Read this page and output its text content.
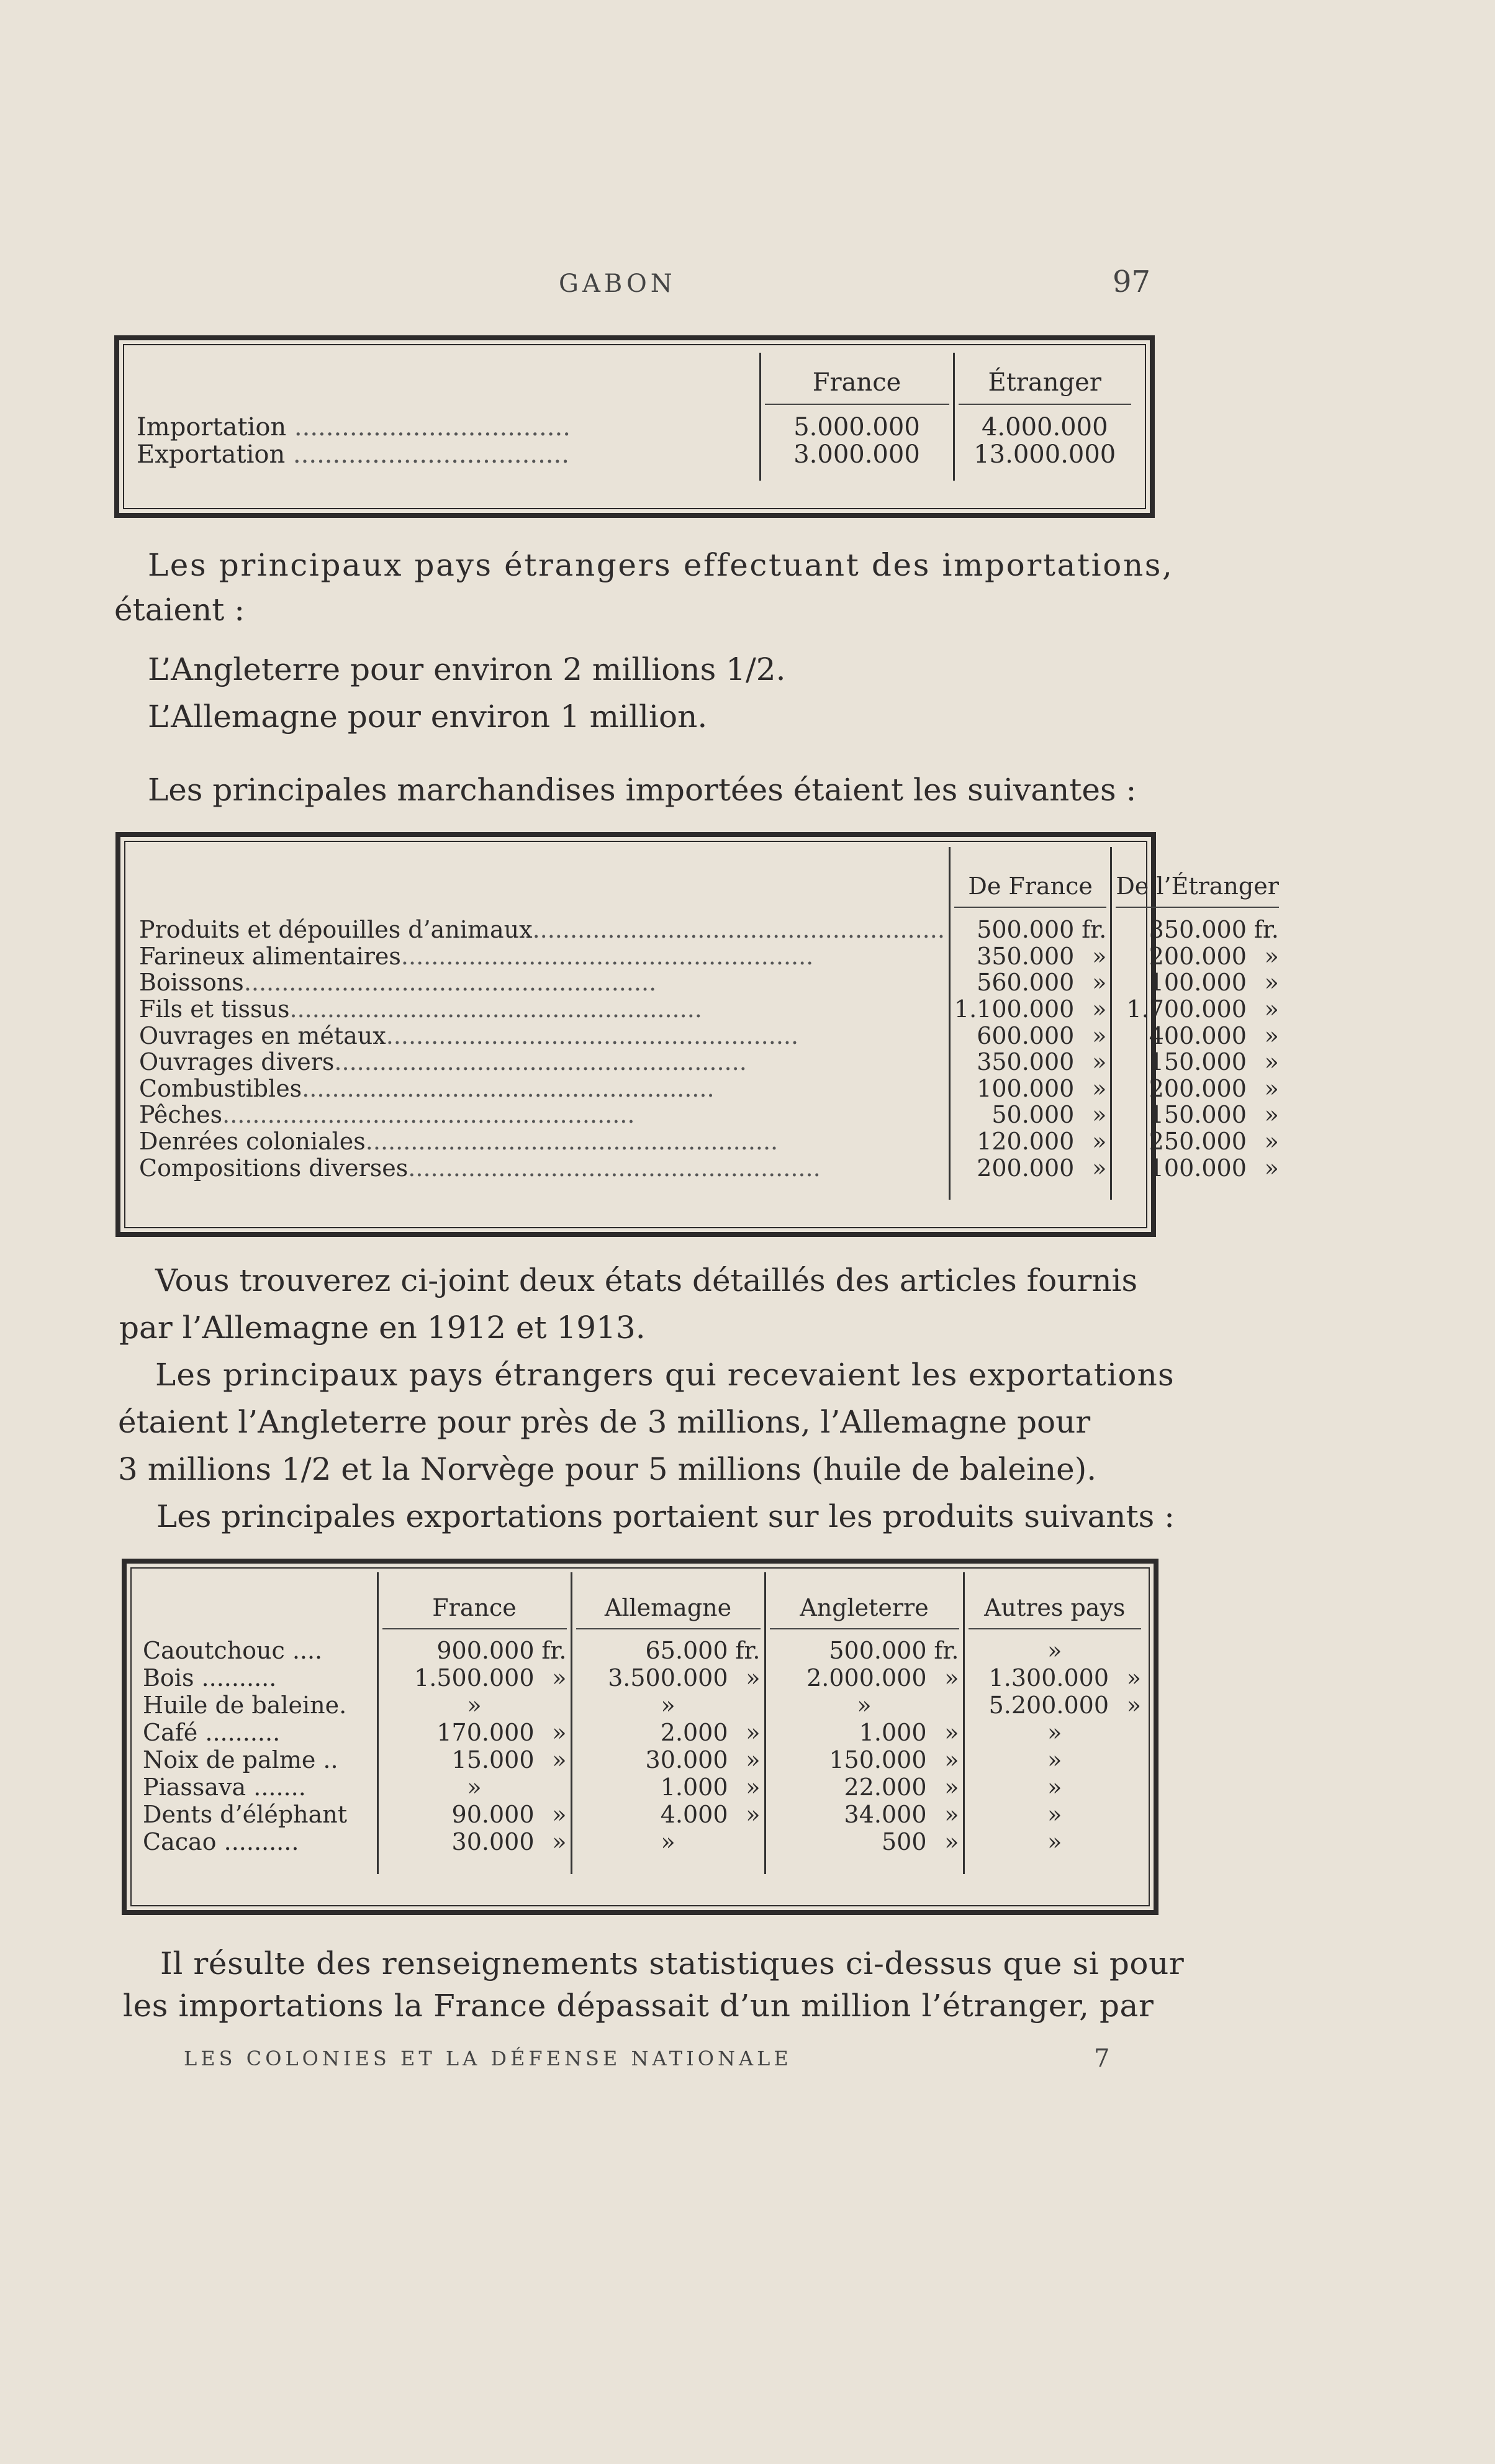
GABON	97

	France	Étranger

Importation ...................................	5.000.000	4.000.000
Exportation ...................................	3.000.000	13.000.000

Les principaux pays étrangers effectuant des importations,
étaient :
L’Angleterre pour environ 2 millions 1/2.
L’Allemagne pour environ 1 million.
Les principales marchandises importées étaient les suivantes :

	De France	De l’Étranger

Produits et dépouilles d’animaux.......................................................	500.000 fr.	350.000 fr.
Farineux alimentaires.......................................................	350.000 »	200.000 »
Boissons.......................................................	560.000 »	100.000 »
Fils et tissus.......................................................	1.100.000 »	1.700.000 »
Ouvrages en métaux.......................................................	600.000 »	400.000 »
Ouvrages divers.......................................................	350.000 »	150.000 »
Combustibles.......................................................	100.000 »	200.000 »
Pêches.......................................................	50.000 »	150.000 »
Denrées coloniales.......................................................	120.000 »	250.000 »
Compositions diverses.......................................................	200.000 »	100.000 »

Vous trouverez ci-joint deux états détaillés des articles fournis
par l’Allemagne en 1912 et 1913.
Les principaux pays étrangers qui recevaient les exportations
étaient l’Angleterre pour près de 3 millions, l’Allemagne pour
3 millions 1/2 et la Norvège pour 5 millions (huile de baleine).
Les principales exportations portaient sur les produits suivants :

	France	Allemagne	Angleterre	Autres pays

Caoutchouc ....	900.000 fr.	65.000 fr.	500.000 fr.	»
Bois ..........	1.500.000 »	3.500.000 »	2.000.000 »	1.300.000 »
Huile de baleine.	»	»	»	5.200.000 »
Café ..........	170.000 »	2.000 »	1.000 »	»
Noix de palme ..	15.000 »	30.000 »	150.000 »	»
Piassava .......	»	1.000 »	22.000 »	»
Dents d’éléphant	90.000 »	4.000 »	34.000 »	»
Cacao ..........	30.000 »	»	500 »	»

Il résulte des renseignements statistiques ci-dessus que si pour
les importations la France dépassait d’un million l’étranger, par
LES COLONIES ET LA DÉFENSE NATIONALE	7
